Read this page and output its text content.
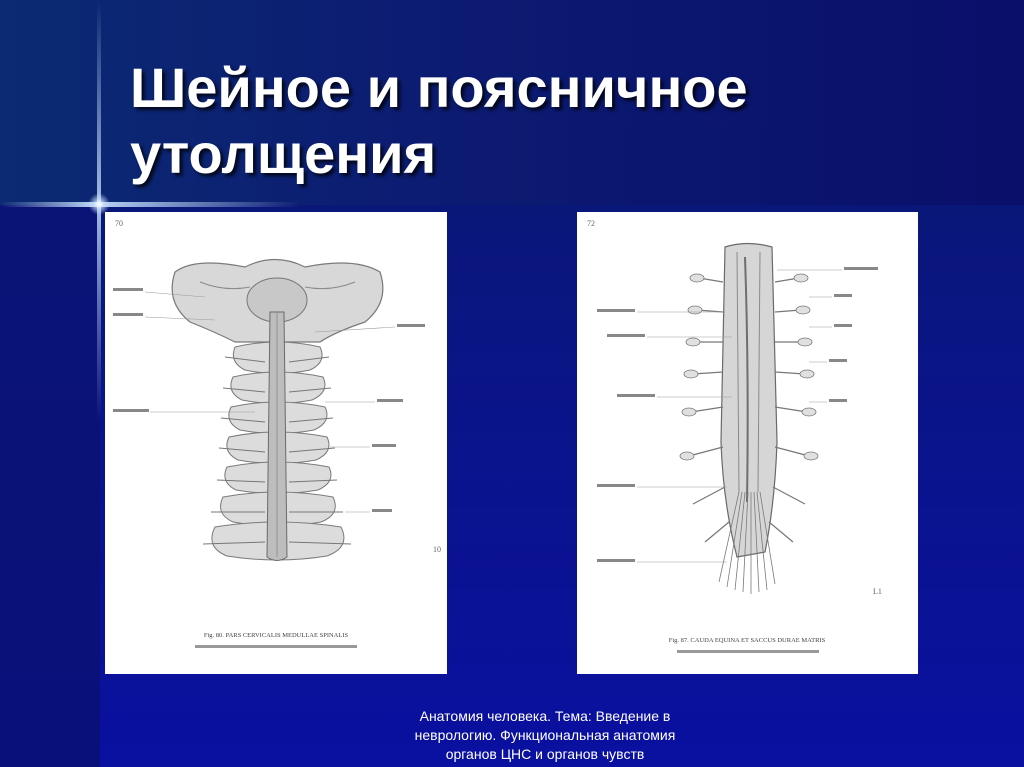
Шейное и поясничное
утолщения
70
10
Fig. 80. PARS CERVICALIS MEDULLAE SPINALIS
72
L1
Fig. 87. CAUDA EQUINA ET SACCUS DURAE MATRIS
Анатомия человека. Тема: Введение в
неврологию. Функциональная анатомия
органов ЦНС и органов чувств
